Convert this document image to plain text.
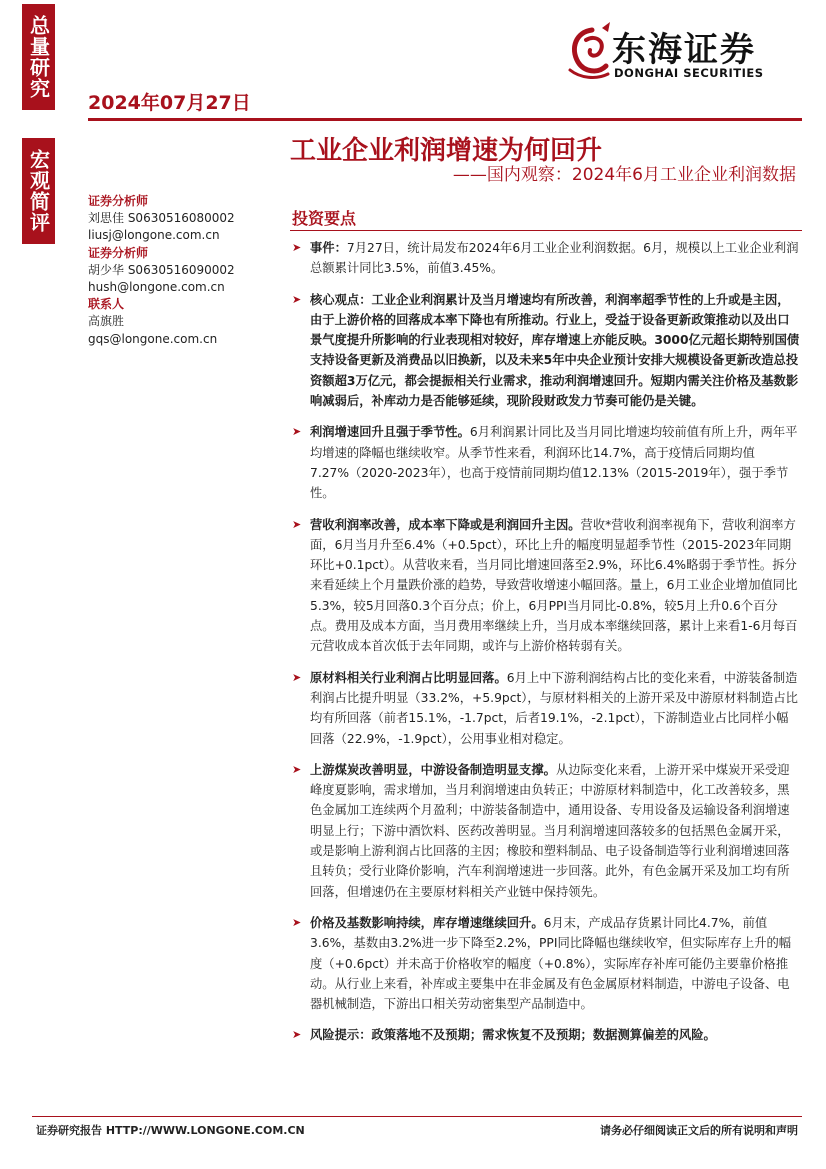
总量研究
宏观简评
2024年07月27日
东海证券
DONGHAI SECURITIES
工业企业利润增速为何回升
——国内观察：2024年6月工业企业利润数据
证券分析师
刘思佳 S0630516080002
liusj@longone.com.cn
证券分析师
胡少华 S0630516090002
hush@longone.com.cn
联系人
高旗胜
gqs@longone.com.cn
投资要点
➤ 事件：7月27日，统计局发布2024年6月工业企业利润数据。6月，规模以上工业企业利润总额累计同比3.5%，前值3.45%。
➤ 核心观点：工业企业利润累计及当月增速均有所改善，利润率超季节性的上升或是主因，由于上游价格的回落成本率下降也有所推动。行业上，受益于设备更新政策推动以及出口景气度提升所影响的行业表现相对较好，库存增速上亦能反映。3000亿元超长期特别国债支持设备更新及消费品以旧换新，以及未来5年中央企业预计安排大规模设备更新改造总投资额超3万亿元，都会提振相关行业需求，推动利润增速回升。短期内需关注价格及基数影响减弱后，补库动力是否能够延续，现阶段财政发力节奏可能仍是关键。
➤ 利润增速回升且强于季节性。6月利润累计同比及当月同比增速均较前值有所上升，两年平均增速的降幅也继续收窄。从季节性来看，利润环比14.7%，高于疫情后同期均值7.27%（2020-2023年），也高于疫情前同期均值12.13%（2015-2019年），强于季节性。
➤ 营收利润率改善，成本率下降或是利润回升主因。营收*营收利润率视角下，营收利润率方面，6月当月升至6.4%（+0.5pct），环比上升的幅度明显超季节性（2015-2023年同期环比+0.1pct）。从营收来看，当月同比增速回落至2.9%，环比6.4%略弱于季节性。拆分来看延续上个月量跌价涨的趋势，导致营收增速小幅回落。量上，6月工业企业增加值同比5.3%，较5月回落0.3个百分点；价上，6月PPI当月同比-0.8%，较5月上升0.6个百分点。费用及成本方面，当月费用率继续上升，当月成本率继续回落，累计上来看1-6月每百元营收成本首次低于去年同期，或许与上游价格转弱有关。
➤ 原材料相关行业利润占比明显回落。6月上中下游利润结构占比的变化来看，中游装备制造利润占比提升明显（33.2%，+5.9pct），与原材料相关的上游开采及中游原材料制造占比均有所回落（前者15.1%，-1.7pct，后者19.1%，-2.1pct），下游制造业占比同样小幅回落（22.9%，-1.9pct），公用事业相对稳定。
➤ 上游煤炭改善明显，中游设备制造明显支撑。从边际变化来看，上游开采中煤炭开采受迎峰度夏影响，需求增加，当月利润增速由负转正；中游原材料制造中，化工改善较多，黑色金属加工连续两个月盈利；中游装备制造中，通用设备、专用设备及运输设备利润增速明显上行；下游中酒饮料、医药改善明显。当月利润增速回落较多的包括黑色金属开采，或是影响上游利润占比回落的主因；橡胶和塑料制品、电子设备制造等行业利润增速回落且转负；受行业降价影响，汽车利润增速进一步回落。此外，有色金属开采及加工均有所回落，但增速仍在主要原材料相关产业链中保持领先。
➤ 价格及基数影响持续，库存增速继续回升。6月末，产成品存货累计同比4.7%，前值3.6%，基数由3.2%进一步下降至2.2%，PPI同比降幅也继续收窄，但实际库存上升的幅度（+0.6pct）并未高于价格收窄的幅度（+0.8%），实际库存补库可能仍主要靠价格推动。从行业上来看，补库或主要集中在非金属及有色金属原材料制造，中游电子设备、电器机械制造，下游出口相关劳动密集型产品制造中。
➤ 风险提示：政策落地不及预期；需求恢复不及预期；数据测算偏差的风险。
证券研究报告 HTTP://WWW.LONGONE.COM.CN	请务必仔细阅读正文后的所有说明和声明
